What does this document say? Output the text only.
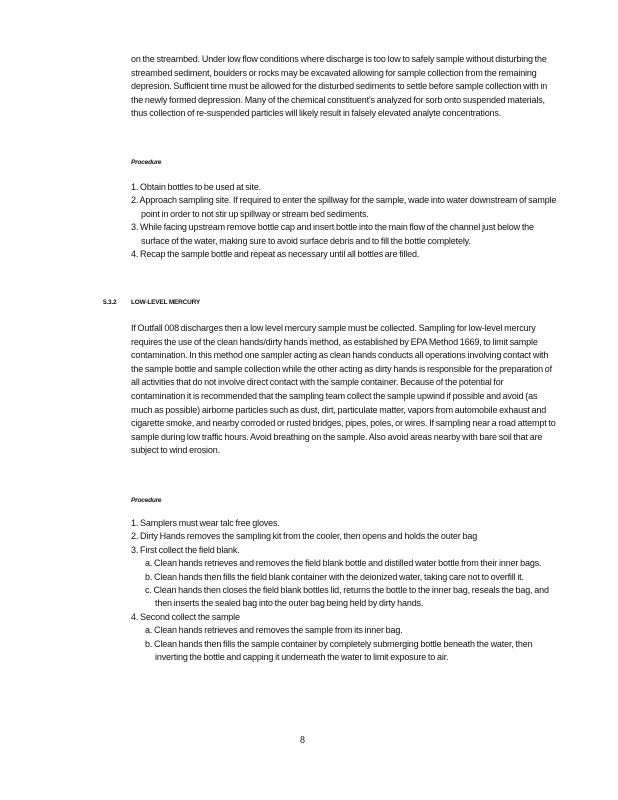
on the streambed. Under low flow conditions where discharge is too low to safely sample without disturbing the streambed sediment, boulders or rocks may be excavated allowing for sample collection from the remaining depresion. Sufficient time must be allowed for the disturbed sediments to settle before sample collection with in the newly formed depression. Many of the chemical constituent's analyzed for sorb onto suspended materials, thus collection of re-suspended particles will likely result in falsely elevated analyte concentrations.

Procedure

1. Obtain bottles to be used at site.
2. Approach sampling site. If required to enter the spillway for the sample, wade into water downstream of sample point in order to not stir up spillway or stream bed sediments.
3. While facing upstream remove bottle cap and insert bottle into the main flow of the channel just below the surface of the water, making sure to avoid surface debris and to fill the bottle completely.
4. Recap the sample bottle and repeat as necessary until all bottles are filled.
5.3.2 LOW-LEVEL MERCURY

If Outfall 008 discharges then a low level mercury sample must be collected. Sampling for low-level mercury requires the use of the clean hands/dirty hands method, as established by EPA Method 1669, to limit sample contamination. In this method one sampler acting as clean hands conducts all operations involving contact with the sample bottle and sample collection while the other acting as dirty hands is responsible for the preparation of all activities that do not involve direct contact with the sample container. Because of the potential for contamination it is recommended that the sampling team collect the sample upwind if possible and avoid (as much as possible) airborne particles such as dust, dirt, particulate matter, vapors from automobile exhaust and cigarette smoke, and nearby corroded or rusted bridges, pipes, poles, or wires. If sampling near a road attempt to sample during low traffic hours. Avoid breathing on the sample. Also avoid areas nearby with bare soil that are subject to wind erosion.

Procedure

1. Samplers must wear talc free gloves.
2. Dirty Hands removes the sampling kit from the cooler, then opens and holds the outer bag
3. First collect the field blank.
a. Clean hands retrieves and removes the field blank bottle and distilled water bottle from their inner bags.
b. Clean hands then fills the field blank container with the deionized water, taking care not to overfill it.
c. Clean hands then closes the field blank bottles lid, returns the bottle to the inner bag, reseals the bag, and then inserts the sealed bag into the outer bag being held by dirty hands.
4. Second collect the sample
a. Clean hands retrieves and removes the sample from its inner bag.
b. Clean hands then fills the sample container by completely submerging bottle beneath the water, then inverting the bottle and capping it underneath the water to limit exposure to air.
8
